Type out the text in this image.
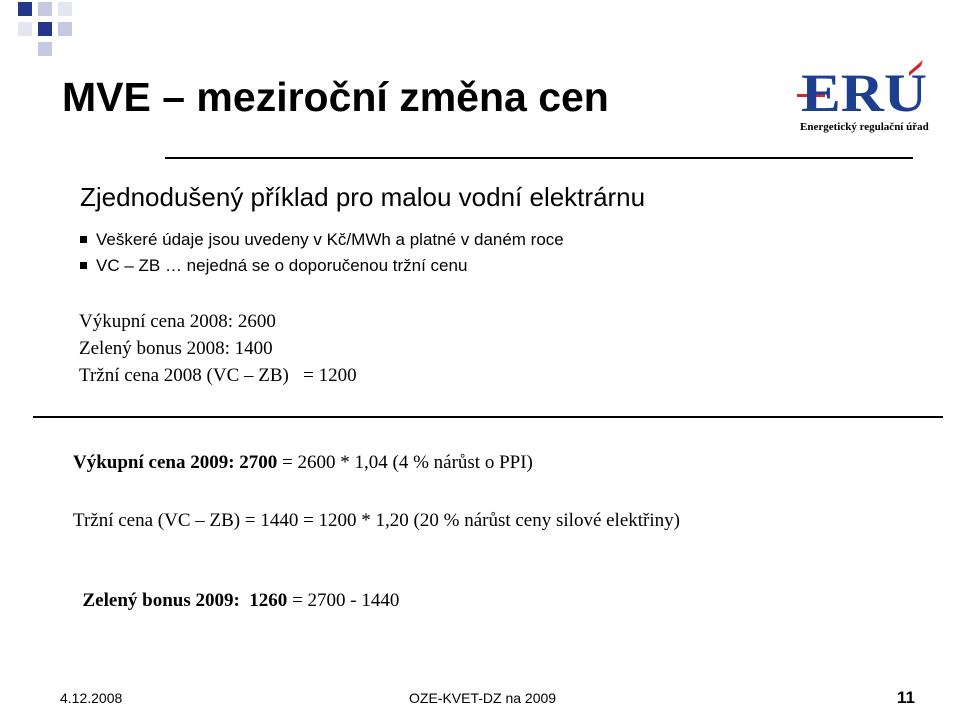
MVE – meziroční změna cen	ERU
Energetický regulační úřad
Zjednodušený příklad pro malou vodní elektrárnu
Veškeré údaje jsou uvedeny v Kč/MWh a platné v daném roce
VC – ZB … nejedná se o doporučenou tržní cenu
Výkupní cena 2008: 2600
Zelený bonus 2008: 1400
Tržní cena 2008 (VC – ZB)   = 1200
Výkupní cena 2009: 2700 = 2600 * 1,04 (4 % nárůst o PPI)
Tržní cena (VC – ZB) = 1440 = 1200 * 1,20 (20 % nárůst ceny silové elektřiny)

Zelený bonus 2009:  1260 = 2700 - 1440

4.12.2008	OZE-KVET-DZ na 2009	11
